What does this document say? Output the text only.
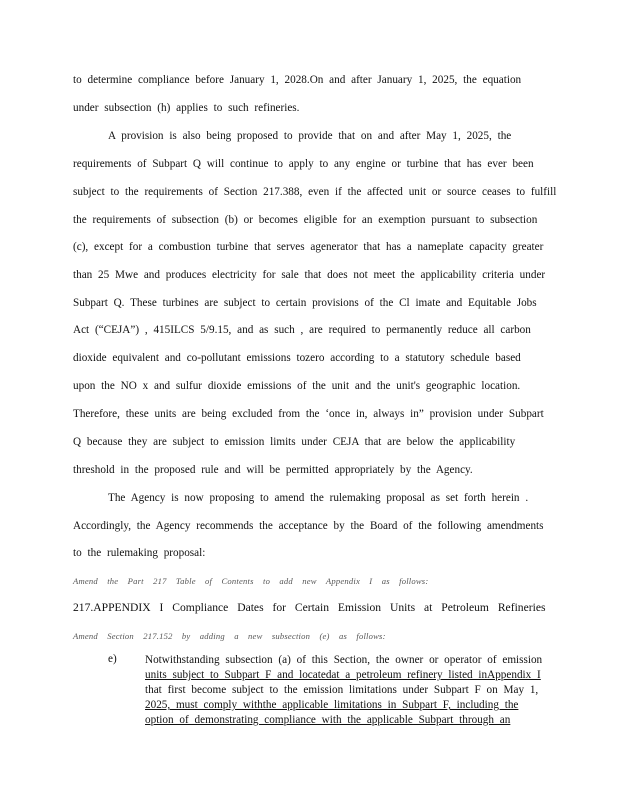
to determine compliance before January 1, 2028.On and after January 1, 2025, the equation
under subsection (h) applies to such refineries.
A provision is also being proposed to provide that on and after May 1, 2025, the
requirements of Subpart Q will continue to apply to any engine or turbine that has ever been
subject to the requirements of Section 217.388, even if the affected unit or source ceases to fulfill
the requirements of subsection (b) or becomes eligible for an exemption pursuant to subsection
(c), except for a combustion turbine that serves agenerator that has a nameplate capacity greater
than 25 Mwe and produces electricity for sale that does not meet the applicability criteria under
Subpart Q. These turbines are subject to certain provisions of the Cl imate and Equitable Jobs
Act (“CEJA”) , 415ILCS 5/9.15, and as such , are required to permanently reduce all carbon
dioxide equivalent and co-pollutant emissions tozero according to a statutory schedule based
upon the NO x and sulfur dioxide emissions of the unit and the unit's geographic location.
Therefore, these units are being excluded from the ‘once in, always in” provision under Subpart
Q because they are subject to emission limits under CEJA that are below the applicability
threshold in the proposed rule and will be permitted appropriately by the Agency.
The Agency is now proposing to amend the rulemaking proposal as set forth herein .
Accordingly, the Agency recommends the acceptance by the Board of the following amendments
to the rulemaking proposal:
Amend the Part 217 Table of Contents to add new Appendix I as follows:
217.APPENDIX I Compliance Dates for Certain Emission Units at Petroleum Refineries
Amend Section 217.152 by adding a new subsection (e) as follows:
e)	Notwithstanding subsection (a) of this Section, the owner or operator of emission
units subject to Subpart F and locatedat a petroleum refinery listed inAppendix I
that first become subject to the emission limitations under Subpart F on May 1,
2025, must comply withthe applicable limitations in Subpart F, including the
option of demonstrating compliance with the applicable Subpart through an
